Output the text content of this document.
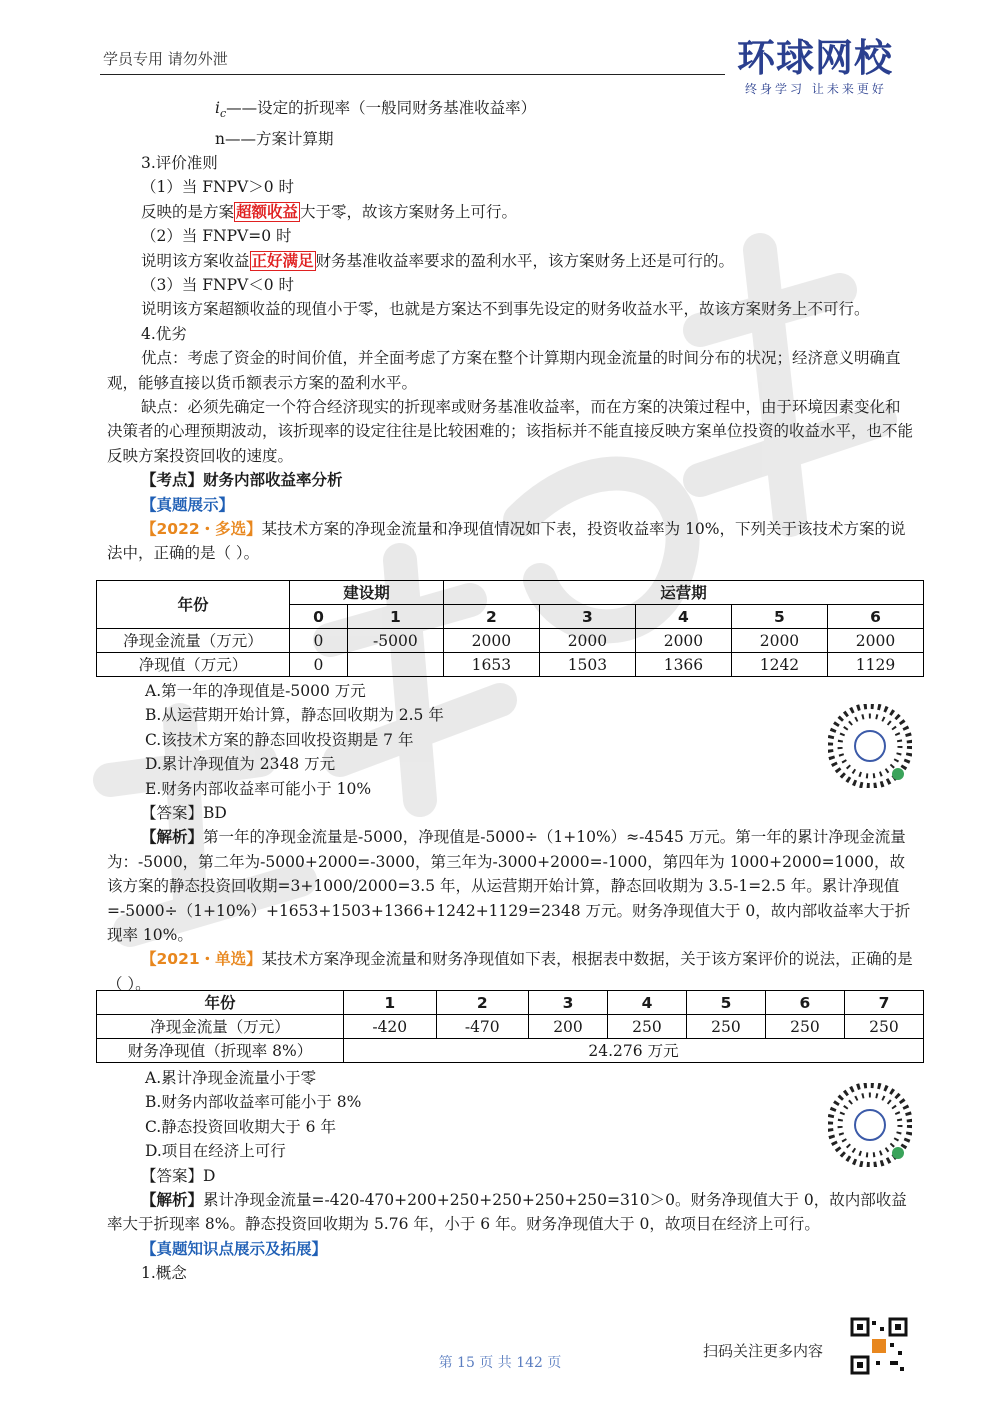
学员专用 请勿外泄	环球网校
终身学习 让未来更好

$i_c——$设定的折现率（一般同财务基准收益率）

n——方案计算期

3.评价准则

（1）当 FNPV＞0 时

反映的是方案 超额收益 大于零，故该方案财务上可行。

（2）当 FNPV=0 时

说明该方案收益 正好满足 财务基准收益率要求的盈利水平，该方案财务上还是可行的。

（3）当 FNPV＜0 时

说明该方案超额收益的现值小于零，也就是方案达不到事先设定的财务收益水平，故该方案财务上不可行。

4.优劣

优点：考虑了资金的时间价值，并全面考虑了方案在整个计算期内现金流量的时间分布的状况；经济意义明确直观，能够直接以货币额表示方案的盈利水平。

缺点：必须先确定一个符合经济现实的折现率或财务基准收益率，而在方案的决策过程中，由于环境因素变化和决策者的心理预期波动，该折现率的设定往往是比较困难的；该指标并不能直接反映方案单位投资的收益水平，也不能反映方案投资回收的速度。

【考点】财务内部收益率分析

【真题展示】

【2022・多选】某技术方案的净现金流量和净现值情况如下表，投资收益率为 10%，下列关于该技术方案的说法中，正确的是（ ）。

年份	建设期		运营期				
	0	1	2	3	4	5	6
净现金流量（万元）	0	-5000	2000	2000	2000	2000	2000
净现值（万元）	0		1653	1503	1366	1242	1129

A.第一年的净现值是-5000 万元

B.从运营期开始计算，静态回收期为 2.5 年

C.该技术方案的静态回收投资期是 7 年

D.累计净现值为 2348 万元

E.财务内部收益率可能小于 10%

【答案】BD

【解析】第一年的净现金流量是-5000，净现值是-5000÷（1+10%）≈-4545 万元。第一年的累计净现金流量为：-5000，第二年为-5000+2000=-3000，第三年为-3000+2000=-1000，第四年为 1000+2000=1000，故该方案的静态投资回收期=3+1000/2000=3.5 年，从运营期开始计算，静态回收期为 3.5-1=2.5 年。累计净现值=-5000÷（1+10%）+1653+1503+1366+1242+1129=2348 万元。财务净现值大于 0，故内部收益率大于折现率 10%。

【2021・单选】某技术方案净现金流量和财务净现值如下表，根据表中数据，关于该方案评价的说法，正确的是（ ）。

年份	1	2	3	4	5	6	7
净现金流量（万元）	-420	-470	200	250	250	250	250
财务净现值（折现率 8%）	24.276 万元						

A.累计净现金流量小于零

B.财务内部收益率可能小于 8%

C.静态投资回收期大于 6 年

D.项目在经济上可行

【答案】D

【解析】累计净现金流量=-420-470+200+250+250+250+250=310＞0。财务净现值大于 0，故内部收益率大于折现率 8%。静态投资回收期为 5.76 年，小于 6 年。财务净现值大于 0，故项目在经济上可行。

【真题知识点展示及拓展】

1.概念

扫码关注更多内容
第 15 页 共 142 页
